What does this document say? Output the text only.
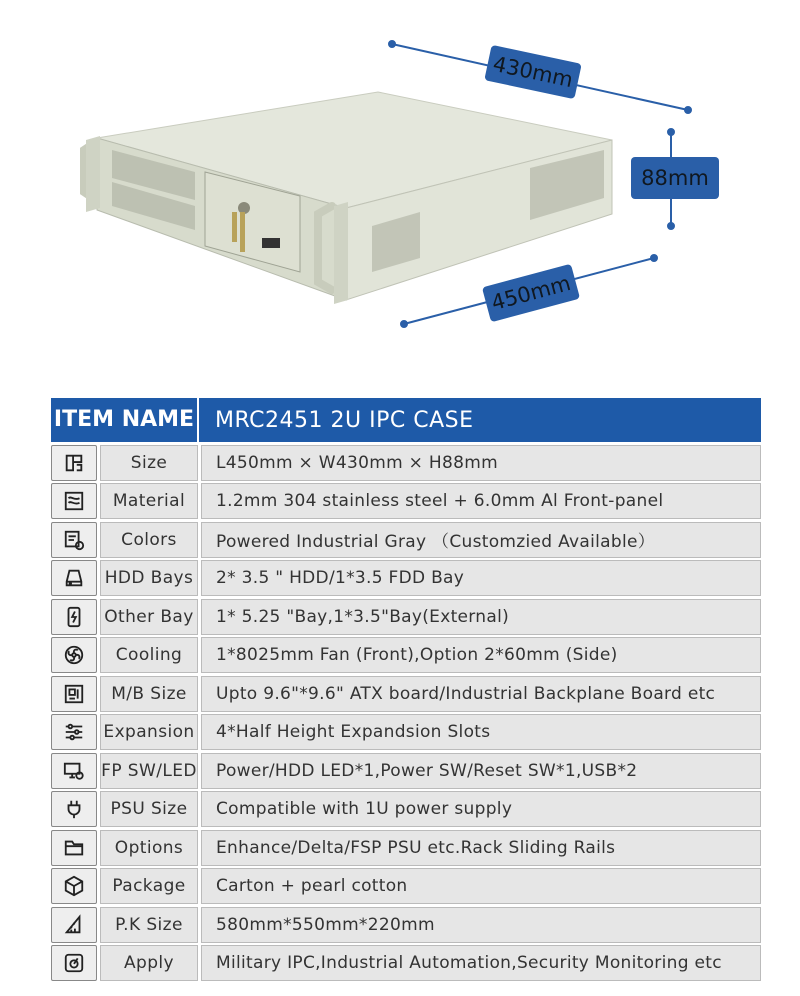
430mm
88mm
450mm
ITEM NAME MRC2451 2U IPC CASE
Size	L450mm × W430mm × H88mm
Material	1.2mm 304 stainless steel + 6.0mm Al Front-panel
Colors	Powered Industrial Gray （Customzied Available）
HDD Bays	2* 3.5 " HDD/1*3.5 FDD Bay
Other Bay	1* 5.25 "Bay,1*3.5"Bay(External)
Cooling	1*8025mm Fan (Front),Option 2*60mm (Side)
M/B Size	Upto 9.6"*9.6" ATX board/Industrial Backplane Board etc
Expansion	4*Half Height Expandsion Slots
FP SW/LED	Power/HDD LED*1,Power SW/Reset SW*1,USB*2
PSU Size	Compatible with 1U power supply
Options	Enhance/Delta/FSP PSU etc.Rack Sliding Rails
Package	Carton + pearl cotton
P.K Size	580mm*550mm*220mm
Apply	Military IPC,Industrial Automation,Security Monitoring etc
